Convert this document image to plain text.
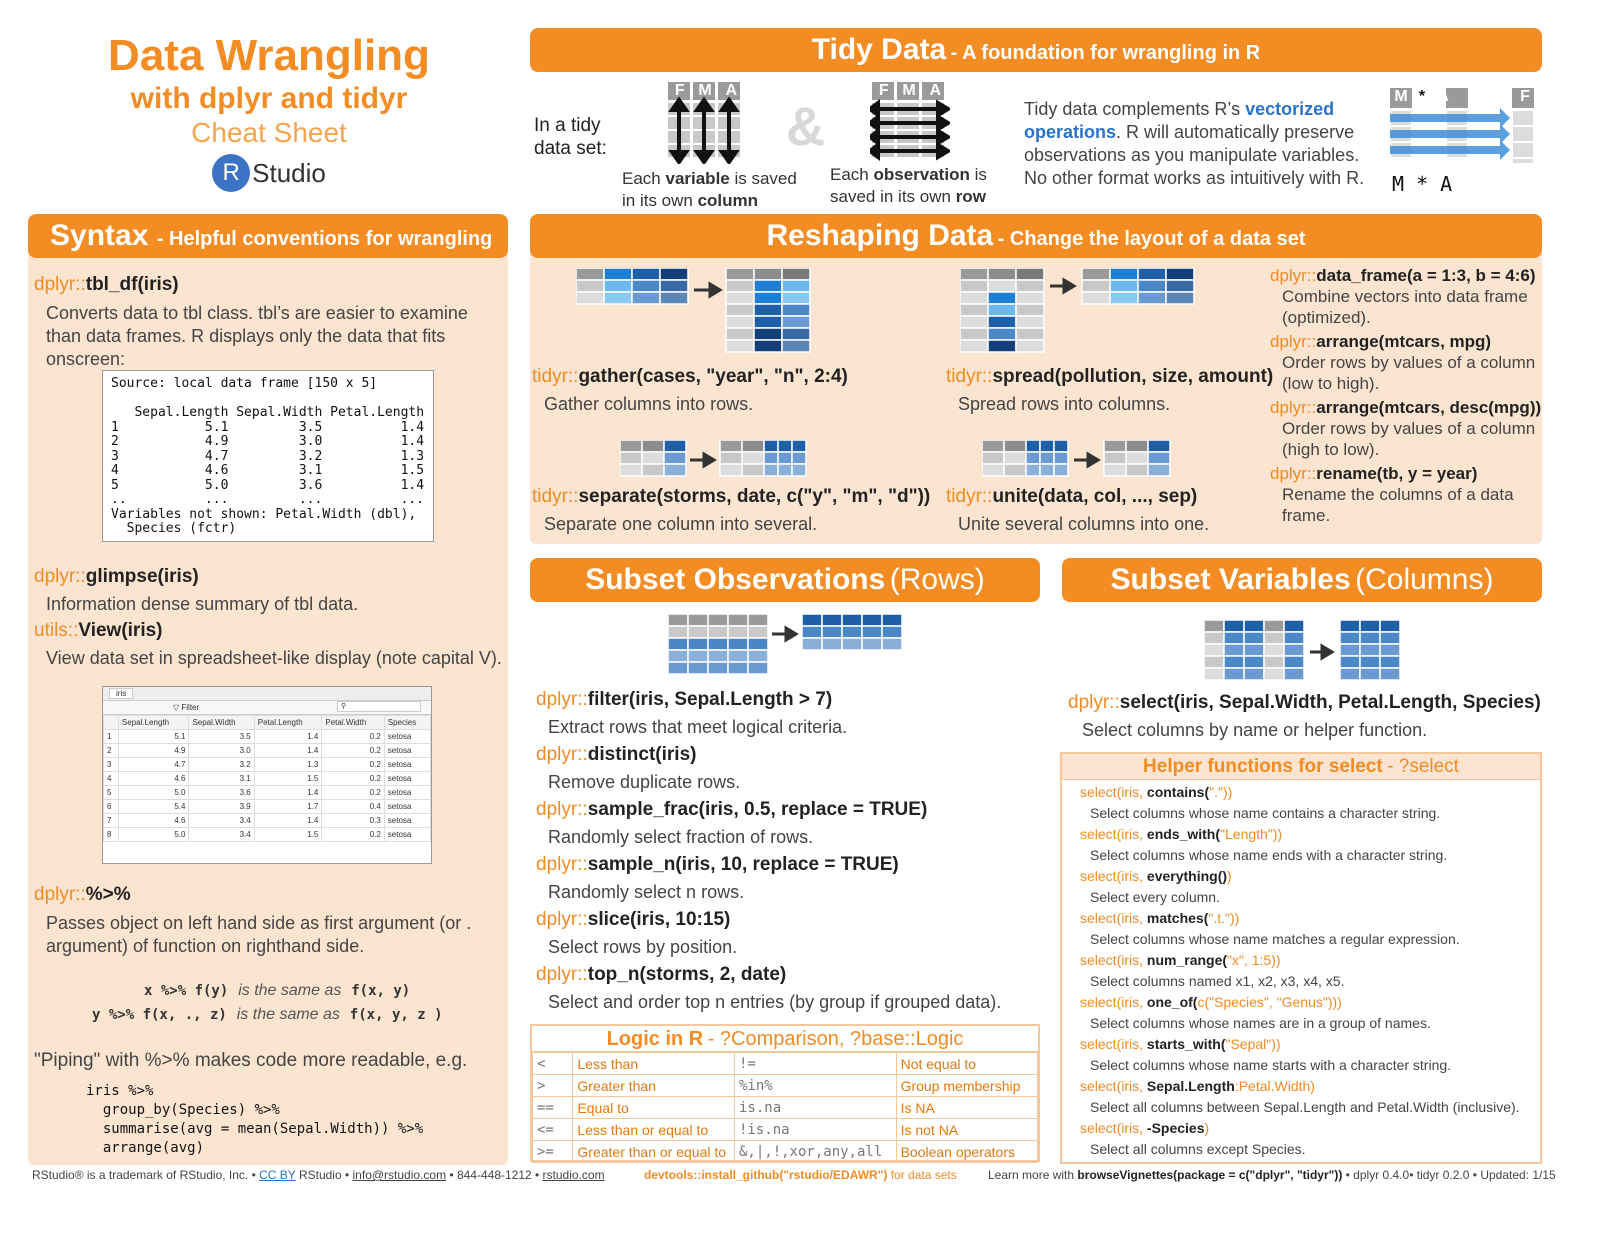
Data Wrangling
with dplyr and tidyr
Cheat Sheet
R Studio
Tidy Data - A foundation for wrangling in R
In a tidy data set:
F M A
&
F M A
Each variable is saved in its own column
Each observation is saved in its own row
Tidy data complements R’s vectorized operations. R will automatically preserve observations as you manipulate variables. No other format works as intuitively with R.
M * A	F
M * A
Syntax - Helpful conventions for wrangling
dplyr::tbl_df(iris)
Converts data to tbl class. tbl’s are easier to examine than data frames. R displays only the data that fits onscreen:
Source: local data frame [150 x 5]

Sepal.Length Sepal.Width Petal.Length
1           5.1         3.5          1.4
2           4.9         3.0          1.4
3           4.7         3.2          1.3
4           4.6         3.1          1.5
5           5.0         3.6          1.4
..          ...         ...          ...
Variables not shown: Petal.Width (dbl),
Species (fctr)
dplyr::glimpse(iris)
Information dense summary of tbl data.
utils::View(iris)
View data set in spreadsheet-like display (note capital V).
iris
▽ Filter	⚲
	Sepal.Length	Sepal.Width	Petal.Length	Petal.Width	Species
1	5.1	3.5	1.4	0.2	setosa
2	4.9	3.0	1.4	0.2	setosa
3	4.7	3.2	1.3	0.2	setosa
4	4.6	3.1	1.5	0.2	setosa
5	5.0	3.6	1.4	0.2	setosa
6	5.4	3.9	1.7	0.4	setosa
7	4.6	3.4	1.4	0.3	setosa
8	5.0	3.4	1.5	0.2	setosa
dplyr::%>%
Passes object on left hand side as first argument (or . argument) of function on righthand side.
x %>% f(y) is the same as f(x, y)
y %>% f(x, ., z) is the same as f(x, y, z )
"Piping" with %>% makes code more readable, e.g.
iris %>%
group_by(Species) %>%
summarise(avg = mean(Sepal.Width)) %>%
arrange(avg)
Reshaping Data - Change the layout of a data set
tidyr::gather(cases, "year", "n", 2:4)
Gather columns into rows.
tidyr::spread(pollution, size, amount)
Spread rows into columns.
tidyr::separate(storms, date, c("y", "m", "d"))
Separate one column into several.
tidyr::unite(data, col, ..., sep)
Unite several columns into one.
dplyr::data_frame(a = 1:3, b = 4:6)
Combine vectors into data frame (optimized).
dplyr::arrange(mtcars, mpg)
Order rows by values of a column (low to high).
dplyr::arrange(mtcars, desc(mpg))
Order rows by values of a column (high to low).
dplyr::rename(tb, y = year)
Rename the columns of a data frame.
Subset Observations (Rows)
dplyr::filter(iris, Sepal.Length > 7)
Extract rows that meet logical criteria.
dplyr::distinct(iris)
Remove duplicate rows.
dplyr::sample_frac(iris, 0.5, replace = TRUE)
Randomly select fraction of rows.
dplyr::sample_n(iris, 10, replace = TRUE)
Randomly select n rows.
dplyr::slice(iris, 10:15)
Select rows by position.
dplyr::top_n(storms, 2, date)
Select and order top n entries (by group if grouped data).
Logic in R - ?Comparison, ?base::Logic
<	Less than	!=	Not equal to
>	Greater than	%in%	Group membership
==	Equal to	is.na	Is NA
<=	Less than or equal to	!is.na	Is not NA
>=	Greater than or equal to	&,|,!,xor,any,all	Boolean operators
Subset Variables (Columns)
dplyr::select(iris, Sepal.Width, Petal.Length, Species)
Select columns by name or helper function.
Helper functions for select - ?select
select(iris, contains("."))
Select columns whose name contains a character string.
select(iris, ends_with("Length"))
Select columns whose name ends with a character string.
select(iris, everything())
Select every column.
select(iris, matches(".t."))
Select columns whose name matches a regular expression.
select(iris, num_range("x", 1:5))
Select columns named x1, x2, x3, x4, x5.
select(iris, one_of(c("Species", "Genus")))
Select columns whose names are in a group of names.
select(iris, starts_with("Sepal"))
Select columns whose name starts with a character string.
select(iris, Sepal.Length:Petal.Width)
Select all columns between Sepal.Length and Petal.Width (inclusive).
select(iris, -Species)
Select all columns except Species.
RStudio® is a trademark of RStudio, Inc. • CC BY RStudio • info@rstudio.com • 844-448-1212 • rstudio.com	devtools::install_github("rstudio/EDAWR") for data sets	Learn more with browseVignettes(package = c("dplyr", "tidyr")) • dplyr 0.4.0• tidyr 0.2.0 • Updated: 1/15
